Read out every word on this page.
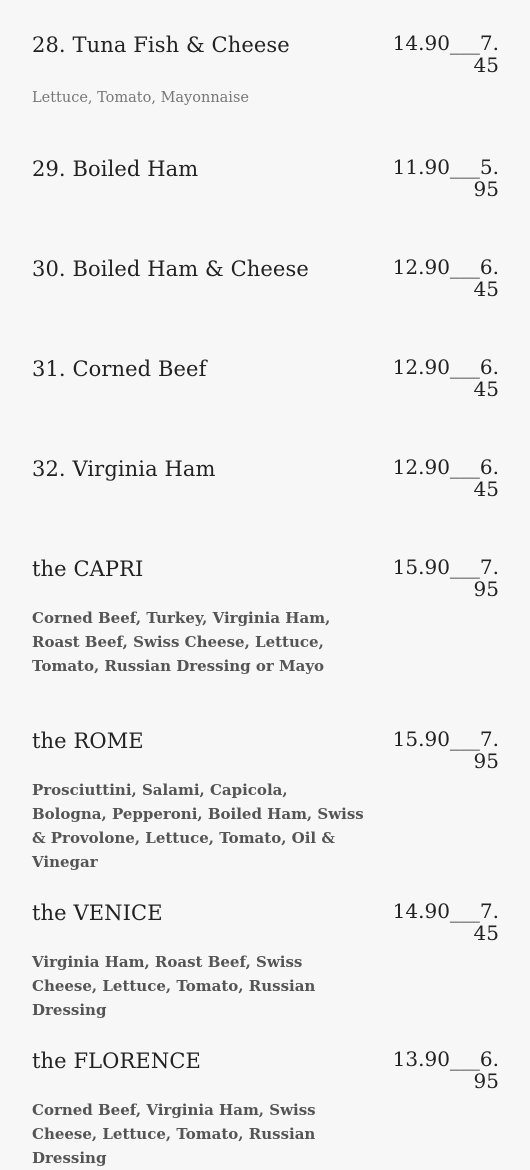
28. Tuna Fish & Cheese	14.90___7.45
Lettuce, Tomato, Mayonnaise
29. Boiled Ham	11.90___5.95
30. Boiled Ham & Cheese	12.90___6.45
31. Corned Beef	12.90___6.45
32. Virginia Ham	12.90___6.45
the CAPRI	15.90___7.95
Corned Beef, Turkey, Virginia Ham, Roast Beef, Swiss Cheese, Lettuce, Tomato, Russian Dressing or Mayo
the ROME	15.90___7.95
Prosciuttini, Salami, Capicola, Bologna, Pepperoni, Boiled Ham, Swiss & Provolone, Lettuce, Tomato, Oil & Vinegar
the VENICE	14.90___7.45
Virginia Ham, Roast Beef, Swiss Cheese, Lettuce, Tomato, Russian Dressing
the FLORENCE	13.90___6.95
Corned Beef, Virginia Ham, Swiss Cheese, Lettuce, Tomato, Russian Dressing
